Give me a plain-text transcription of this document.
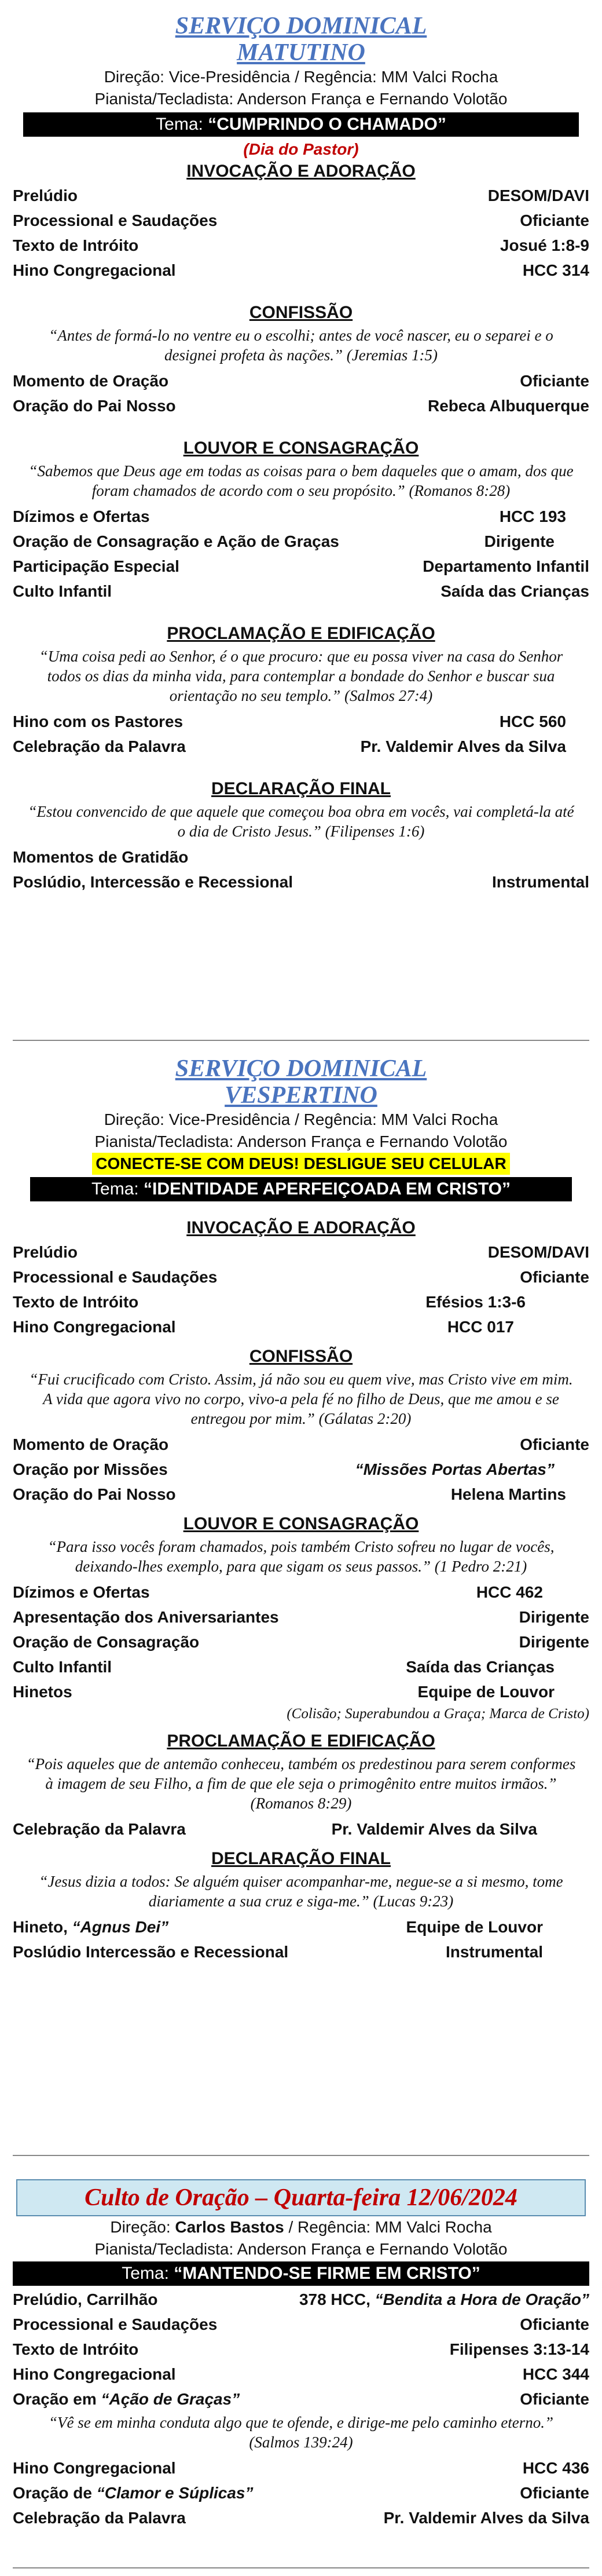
SERVIÇO DOMINICAL
MATUTINO
Direção: Vice-Presidência / Regência: MM Valci Rocha
Pianista/Tecladista: Anderson França e Fernando Volotão
Tema: “CUMPRINDO O CHAMADO”
(Dia do Pastor)
INVOCAÇÃO E ADORAÇÃO
Prelúdio	DESOM/DAVI
Processional e Saudações	Oficiante
Texto de Intróito	Josué 1:8-9
Hino Congregacional	HCC 314
CONFISSÃO
“Antes de formá-lo no ventre eu o escolhi; antes de você nascer, eu o separei e o designei profeta às nações.” (Jeremias 1:5)
Momento de Oração	Oficiante
Oração do Pai Nosso	Rebeca Albuquerque
LOUVOR E CONSAGRAÇÃO
“Sabemos que Deus age em todas as coisas para o bem daqueles que o amam, dos que foram chamados de acordo com o seu propósito.” (Romanos 8:28)
Dízimos e Ofertas	HCC 193
Oração de Consagração e Ação de Graças	Dirigente
Participação Especial	Departamento Infantil
Culto Infantil	Saída das Crianças
PROCLAMAÇÃO E EDIFICAÇÃO
“Uma coisa pedi ao Senhor, é o que procuro: que eu possa viver na casa do Senhor todos os dias da minha vida, para contemplar a bondade do Senhor e buscar sua orientação no seu templo.” (Salmos 27:4)
Hino com os Pastores	HCC 560
Celebração da Palavra	Pr. Valdemir Alves da Silva
DECLARAÇÃO FINAL
“Estou convencido de que aquele que começou boa obra em vocês, vai completá-la até o dia de Cristo Jesus.” (Filipenses 1:6)
Momentos de Gratidão
Poslúdio, Intercessão e Recessional	Instrumental
SERVIÇO DOMINICAL
VESPERTINO
Direção: Vice-Presidência / Regência: MM Valci Rocha
Pianista/Tecladista: Anderson França e Fernando Volotão
CONECTE-SE COM DEUS! DESLIGUE SEU CELULAR
Tema: “IDENTIDADE APERFEIÇOADA EM CRISTO”
INVOCAÇÃO E ADORAÇÃO
Prelúdio	DESOM/DAVI
Processional e Saudações	Oficiante
Texto de Intróito	Efésios 1:3-6
Hino Congregacional	HCC 017
CONFISSÃO
“Fui crucificado com Cristo. Assim, já não sou eu quem vive, mas Cristo vive em mim. A vida que agora vivo no corpo, vivo-a pela fé no filho de Deus, que me amou e se entregou por mim.” (Gálatas 2:20)
Momento de Oração	Oficiante
Oração por Missões	“Missões Portas Abertas”
Oração do Pai Nosso	Helena Martins
LOUVOR E CONSAGRAÇÃO
“Para isso vocês foram chamados, pois também Cristo sofreu no lugar de vocês, deixando-lhes exemplo, para que sigam os seus passos.” (1 Pedro 2:21)
Dízimos e Ofertas	HCC 462
Apresentação dos Aniversariantes	Dirigente
Oração de Consagração	Dirigente
Culto Infantil	Saída das Crianças
Hinetos	Equipe de Louvor
(Colisão; Superabundou a Graça; Marca de Cristo)
PROCLAMAÇÃO E EDIFICAÇÃO
“Pois aqueles que de antemão conheceu, também os predestinou para serem conformes à imagem de seu Filho, a fim de que ele seja o primogênito entre muitos irmãos.” (Romanos 8:29)
Celebração da Palavra	Pr. Valdemir Alves da Silva
DECLARAÇÃO FINAL
“Jesus dizia a todos: Se alguém quiser acompanhar-me, negue-se a si mesmo, tome diariamente a sua cruz e siga-me.” (Lucas 9:23)
Hineto, “Agnus Dei”	Equipe de Louvor
Poslúdio Intercessão e Recessional	Instrumental
Culto de Oração – Quarta-feira 12/06/2024
Direção: Carlos Bastos / Regência: MM Valci Rocha
Pianista/Tecladista: Anderson França e Fernando Volotão
Tema: “MANTENDO-SE FIRME EM CRISTO”
Prelúdio, Carrilhão	378 HCC, “Bendita a Hora de Oração”
Processional e Saudações	Oficiante
Texto de Intróito	Filipenses 3:13-14
Hino Congregacional	HCC 344
Oração em “Ação de Graças”	Oficiante
“Vê se em minha conduta algo que te ofende, e dirige-me pelo caminho eterno.” (Salmos 139:24)
Hino Congregacional	HCC 436
Oração de “Clamor e Súplicas”	Oficiante
Celebração da Palavra	Pr. Valdemir Alves da Silva
